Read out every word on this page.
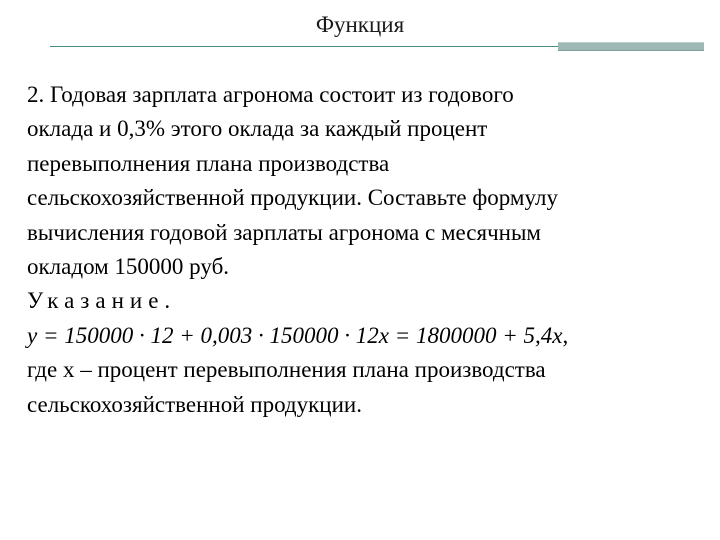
Функция

2. Годовая зарплата агронома состоит из годового

оклада и 0,3% этого оклада за каждый процент

перевыполнения плана производства

сельскохозяйственной продукции. Составьте формулу

вычисления годовой зарплаты агронома с месячным

окладом 150000 руб.

Указание.

y = 150000 · 12 + 0,003 · 150000 · 12x = 1800000 + 5,4x,

где x – процент перевыполнения плана производства

сельскохозяйственной продукции.
